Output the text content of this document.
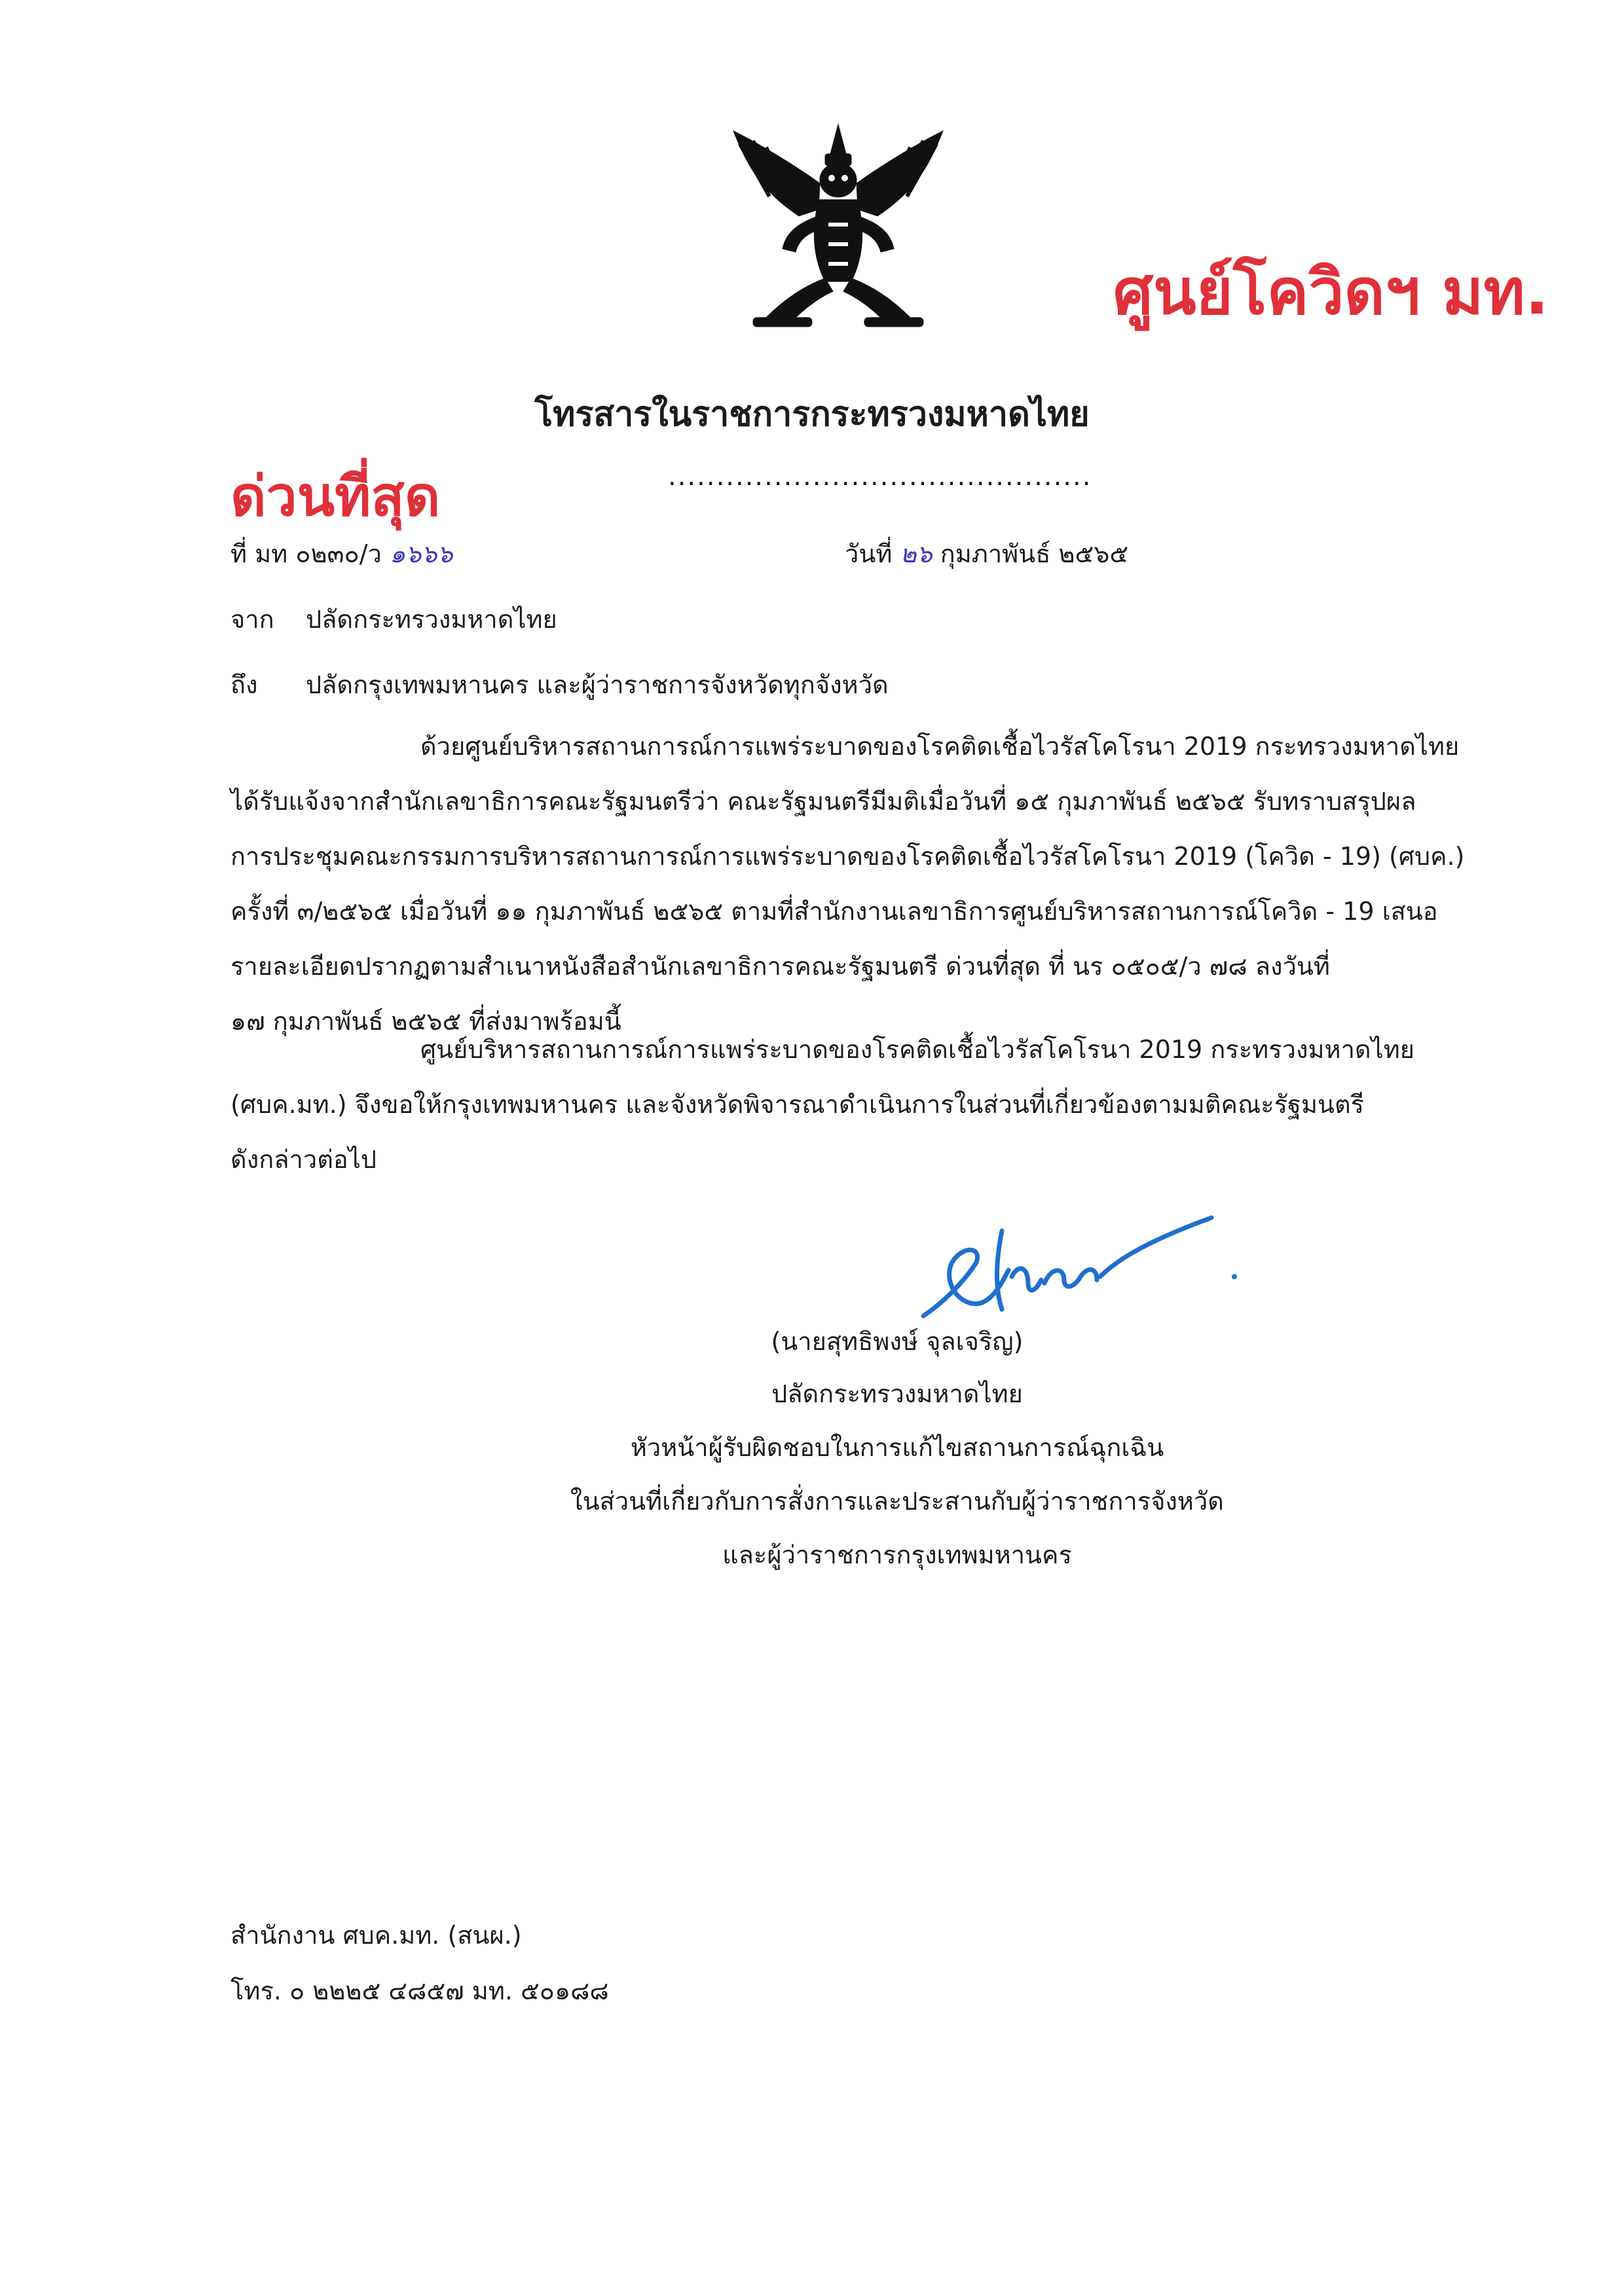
ศูนย์โควิดฯ มท.
โทรสารในราชการกระทรวงมหาดไทย
ด่วนที่สุด	............................................
ที่ มท ๐๒๓๐/ว ๑๖๖๖	วันที่ ๒๖ กุมภาพันธ์ ๒๕๖๕
จาก ปลัดกระทรวงมหาดไทย
ถึง ปลัดกรุงเทพมหานคร และผู้ว่าราชการจังหวัดทุกจังหวัด
ด้วยศูนย์บริหารสถานการณ์การแพร่ระบาดของโรคติดเชื้อไวรัสโคโรนา 2019 กระทรวงมหาดไทย
ได้รับแจ้งจากสำนักเลขาธิการคณะรัฐมนตรีว่า คณะรัฐมนตรีมีมติเมื่อวันที่ ๑๕ กุมภาพันธ์ ๒๕๖๕ รับทราบสรุปผล
การประชุมคณะกรรมการบริหารสถานการณ์การแพร่ระบาดของโรคติดเชื้อไวรัสโคโรนา 2019 (โควิด - 19) (ศบค.)
ครั้งที่ ๓/๒๕๖๕ เมื่อวันที่ ๑๑ กุมภาพันธ์ ๒๕๖๕ ตามที่สำนักงานเลขาธิการศูนย์บริหารสถานการณ์โควิด - 19 เสนอ
รายละเอียดปรากฏตามสำเนาหนังสือสำนักเลขาธิการคณะรัฐมนตรี ด่วนที่สุด ที่ นร ๐๕๐๕/ว ๗๘ ลงวันที่
๑๗ กุมภาพันธ์ ๒๕๖๕ ที่ส่งมาพร้อมนี้
ศูนย์บริหารสถานการณ์การแพร่ระบาดของโรคติดเชื้อไวรัสโคโรนา 2019 กระทรวงมหาดไทย
(ศบค.มท.) จึงขอให้กรุงเทพมหานคร และจังหวัดพิจารณาดำเนินการในส่วนที่เกี่ยวข้องตามมติคณะรัฐมนตรี
ดังกล่าวต่อไป
(นายสุทธิพงษ์ จุลเจริญ)
ปลัดกระทรวงมหาดไทย
หัวหน้าผู้รับผิดชอบในการแก้ไขสถานการณ์ฉุกเฉิน
ในส่วนที่เกี่ยวกับการสั่งการและประสานกับผู้ว่าราชการจังหวัด
และผู้ว่าราชการกรุงเทพมหานคร
สำนักงาน ศบค.มท. (สนผ.)
โทร. ๐ ๒๒๒๕ ๔๘๕๗ มท. ๕๐๑๘๘
